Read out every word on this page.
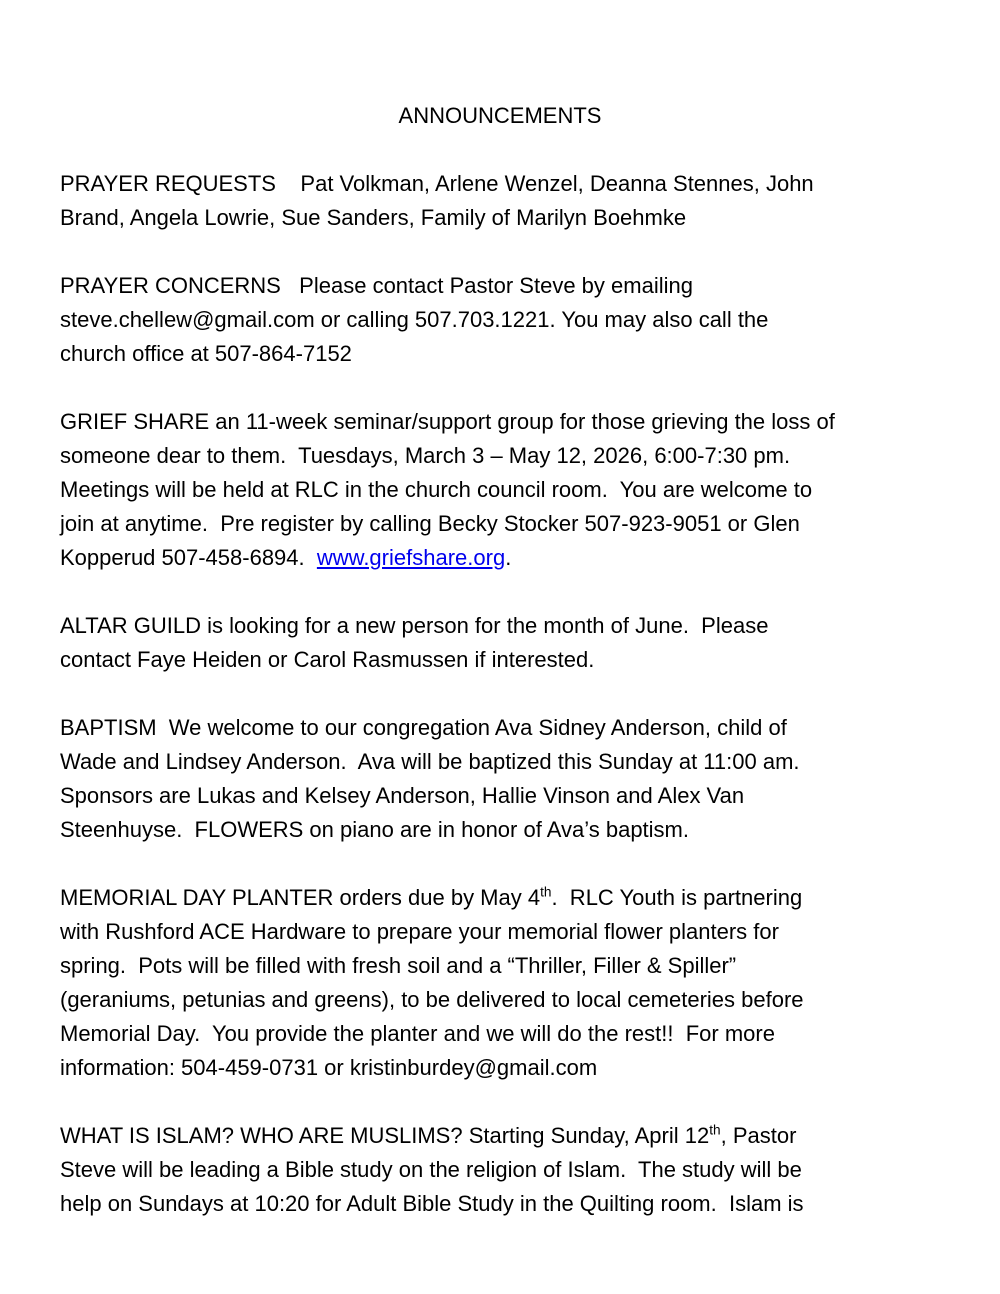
ANNOUNCEMENTS

PRAYER REQUESTS    Pat Volkman, Arlene Wenzel, Deanna Stennes, John
Brand, Angela Lowrie, Sue Sanders, Family of Marilyn Boehmke

PRAYER CONCERNS   Please contact Pastor Steve by emailing
steve.chellew@gmail.com or calling 507.703.1221. You may also call the
church office at 507-864-7152

GRIEF SHARE an 11-week seminar/support group for those grieving the loss of
someone dear to them.  Tuesdays, March 3 – May 12, 2026, 6:00-7:30 pm.
Meetings will be held at RLC in the church council room.  You are welcome to
join at anytime.  Pre register by calling Becky Stocker 507-923-9051 or Glen
Kopperud 507-458-6894.  www.griefshare.org.

ALTAR GUILD is looking for a new person for the month of June.  Please
contact Faye Heiden or Carol Rasmussen if interested.

BAPTISM  We welcome to our congregation Ava Sidney Anderson, child of
Wade and Lindsey Anderson.  Ava will be baptized this Sunday at 11:00 am.
Sponsors are Lukas and Kelsey Anderson, Hallie Vinson and Alex Van
Steenhuyse.  FLOWERS on piano are in honor of Ava’s baptism.

MEMORIAL DAY PLANTER orders due by May 4th.  RLC Youth is partnering
with Rushford ACE Hardware to prepare your memorial flower planters for
spring.  Pots will be filled with fresh soil and a “Thriller, Filler & Spiller”
(geraniums, petunias and greens), to be delivered to local cemeteries before
Memorial Day.  You provide the planter and we will do the rest!!  For more
information: 504-459-0731 or kristinburdey@gmail.com

WHAT IS ISLAM? WHO ARE MUSLIMS? Starting Sunday, April 12th, Pastor
Steve will be leading a Bible study on the religion of Islam.  The study will be
help on Sundays at 10:20 for Adult Bible Study in the Quilting room.  Islam is
